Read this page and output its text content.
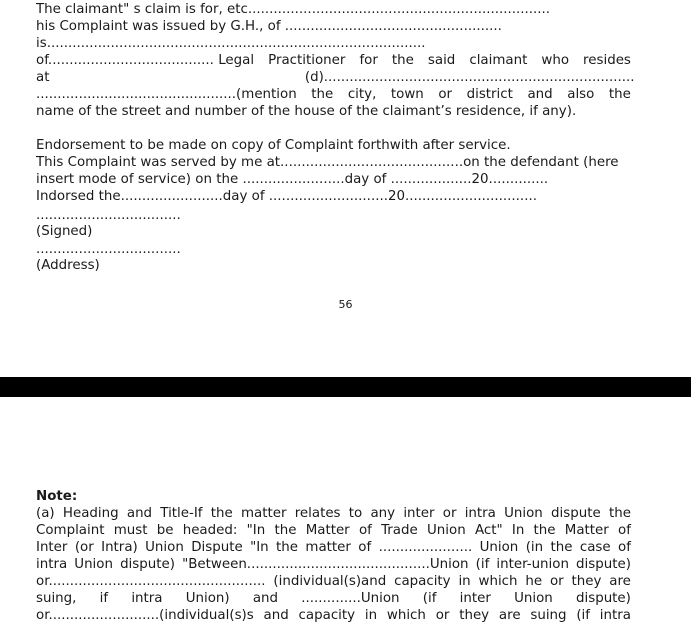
The claimant" s claim is for, etc.......................................................................
his Complaint was issued by G.H., of ...................................................
is.........................................................................................
of....................................... Legal Practitioner for the said claimant who resides
at                                                            (d).........................................................................
...............................................(mention the city, town or district and also the
name of the street and number of the house of the claimant’s residence, if any).
Endorsement to be made on copy of Complaint forthwith after service.
This Complaint was served by me at...........................................on the defendant (here
insert mode of service) on the ........................day of ...................20..............
Indorsed the........................day of ............................20...............................
..................................
(Signed)
..................................
(Address)
56
Note:
(a) Heading and Title-If the matter relates to any inter or intra Union dispute the
Complaint must be headed: "In the Matter of Trade Union Act" In the Matter of
Inter (or Intra) Union Dispute "In the matter of ...................... Union (in the case of
intra Union dispute) "Between...........................................Union (if inter-union dispute)
or................................................... (individual(s)and capacity in which he or they are
suing, if intra Union) and ..............Union (if inter Union dispute)
or..........................(individual(s)s and capacity in which or they are suing (if intra
